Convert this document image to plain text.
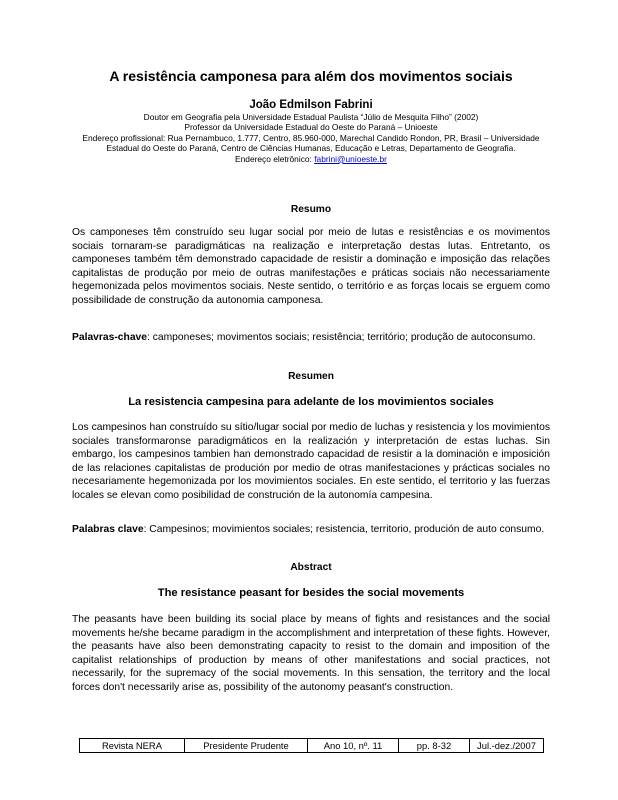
A resistência camponesa para além dos movimentos sociais
João Edmilson Fabrini
Doutor em Geografia pela Universidade Estadual Paulista “Júlio de Mesquita Filho” (2002)
Professor da Universidade Estadual do Oeste do Paraná – Unioeste
Endereço profissional: Rua Pernambuco, 1.777, Centro, 85.960-000, Marechal Candido Rondon, PR, Brasil – Universidade Estadual do Oeste do Paraná, Centro de Ciências Humanas, Educação e Letras, Departamento de Geografia.
Endereço eletrônico: fabrini@unioeste.br
Resumo
Os camponeses têm construído seu lugar social por meio de lutas e resistências e os movimentos sociais tornaram-se paradigmáticas na realização e interpretação destas lutas. Entretanto, os camponeses também têm demonstrado capacidade de resistir a dominação e imposição das relações capitalistas de produção por meio de outras manifestações e práticas sociais não necessariamente hegemonizada pelos movimentos sociais. Neste sentido, o território e as forças locais se erguem como possibilidade de construção da autonomia camponesa.
Palavras-chave: camponeses; movimentos sociais; resistência; território; produção de autoconsumo.
Resumen
La resistencia campesina para adelante de los movimientos sociales
Los campesinos han construído su sítio/lugar social por medio de luchas y resistencia y los movimientos sociales transformaronse paradigmáticos en la realización y interpretación de estas luchas. Sin embargo, los campesinos tambien han demonstrado capacidad de resistir a la dominación e imposición de las relaciones capitalistas de produción por medio de otras manifestaciones y prácticas sociales no necesariamente hegemonizada por los movimientos sociales. En este sentido, el territorio y las fuerzas locales se elevan como posibilidad de construción de la autonomía campesina.
Palabras clave: Campesinos; movimientos sociales; resistencia, territorio, produción de auto consumo.
Abstract
The resistance peasant for besides the social movements
The peasants have been building its social place by means of fights and resistances and the social movements he/she became paradigm in the accomplishment and interpretation of these fights. However, the peasants have also been demonstrating capacity to resist to the domain and imposition of the capitalist relationships of production by means of other manifestations and social practices, not necessarily, for the supremacy of the social movements. In this sensation, the territory and the local forces don't necessarily arise as, possibility of the autonomy peasant's construction.
Revista NERA	Presidente Prudente	Ano 10, nº. 11	pp. 8-32	Jul.-dez./2007
